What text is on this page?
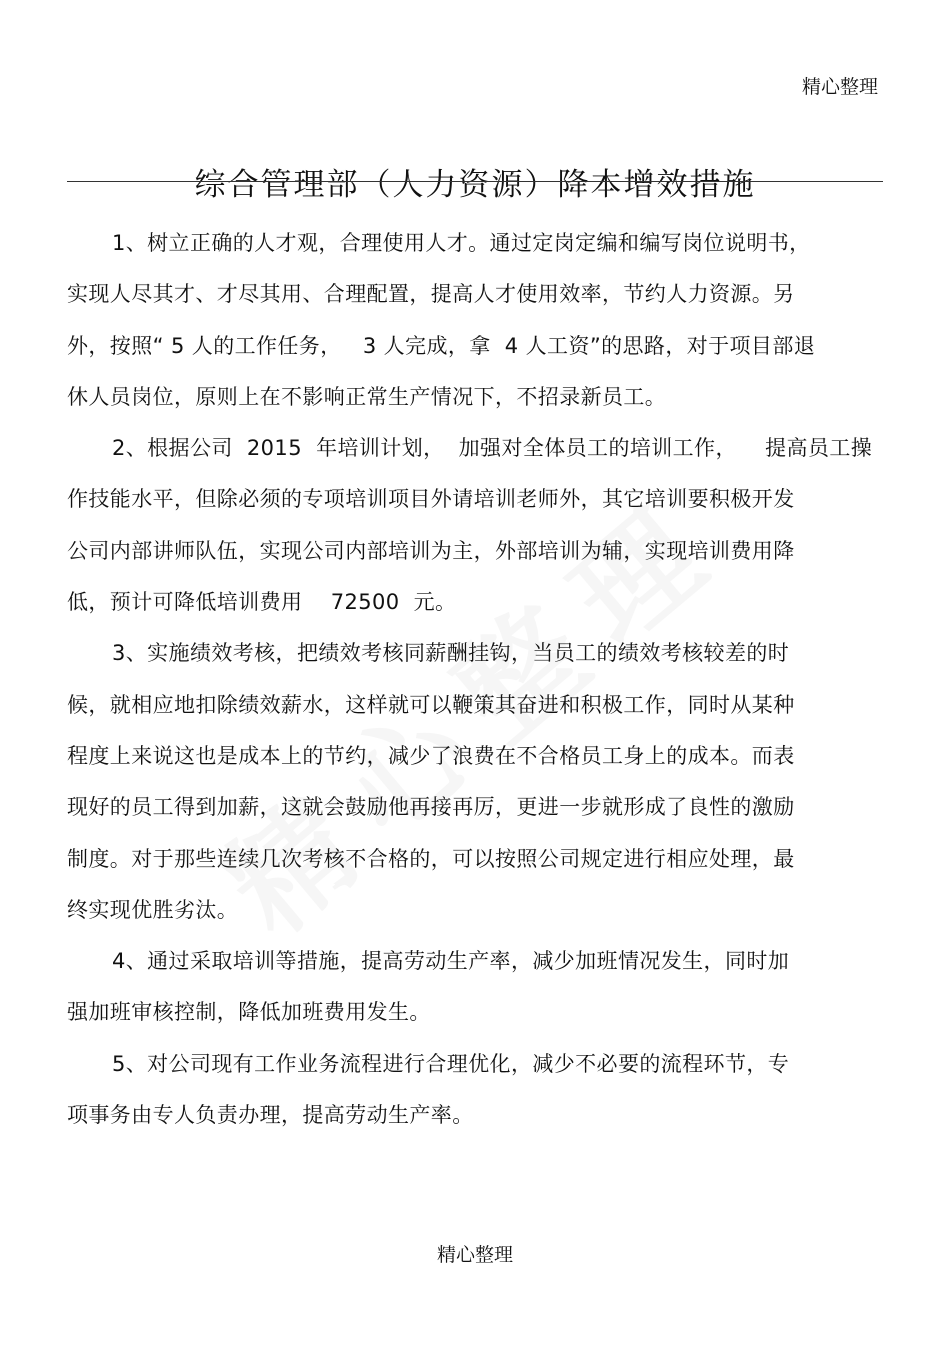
精心整理
综合管理部（人力资源）降本增效措施
1、树立正确的人才观，合理使用人才。通过定岗定编和编写岗位说明书，
实现人尽其才、才尽其用、合理配置，提高人才使用效率，节约人力资源。另
外，按照“ 5 人的工作任务，   3 人完成，拿  4 人工资”的思路，对于项目部退
休人员岗位，原则上在不影响正常生产情况下，不招录新员工。
2、根据公司  2015  年培训计划，  加强对全体员工的培训工作，    提高员工操
作技能水平，但除必须的专项培训项目外请培训老师外，其它培训要积极开发
公司内部讲师队伍，实现公司内部培训为主，外部培训为辅，实现培训费用降
低，预计可降低培训费用    72500  元。
3、实施绩效考核，把绩效考核同薪酬挂钩，当员工的绩效考核较差的时
候，就相应地扣除绩效薪水，这样就可以鞭策其奋进和积极工作，同时从某种
程度上来说这也是成本上的节约，减少了浪费在不合格员工身上的成本。而表
现好的员工得到加薪，这就会鼓励他再接再厉，更进一步就形成了良性的激励
制度。对于那些连续几次考核不合格的，可以按照公司规定进行相应处理，最
终实现优胜劣汰。
4、通过采取培训等措施，提高劳动生产率，减少加班情况发生，同时加
强加班审核控制，降低加班费用发生。
5、对公司现有工作业务流程进行合理优化，减少不必要的流程环节，专
项事务由专人负责办理，提高劳动生产率。
精心整理
